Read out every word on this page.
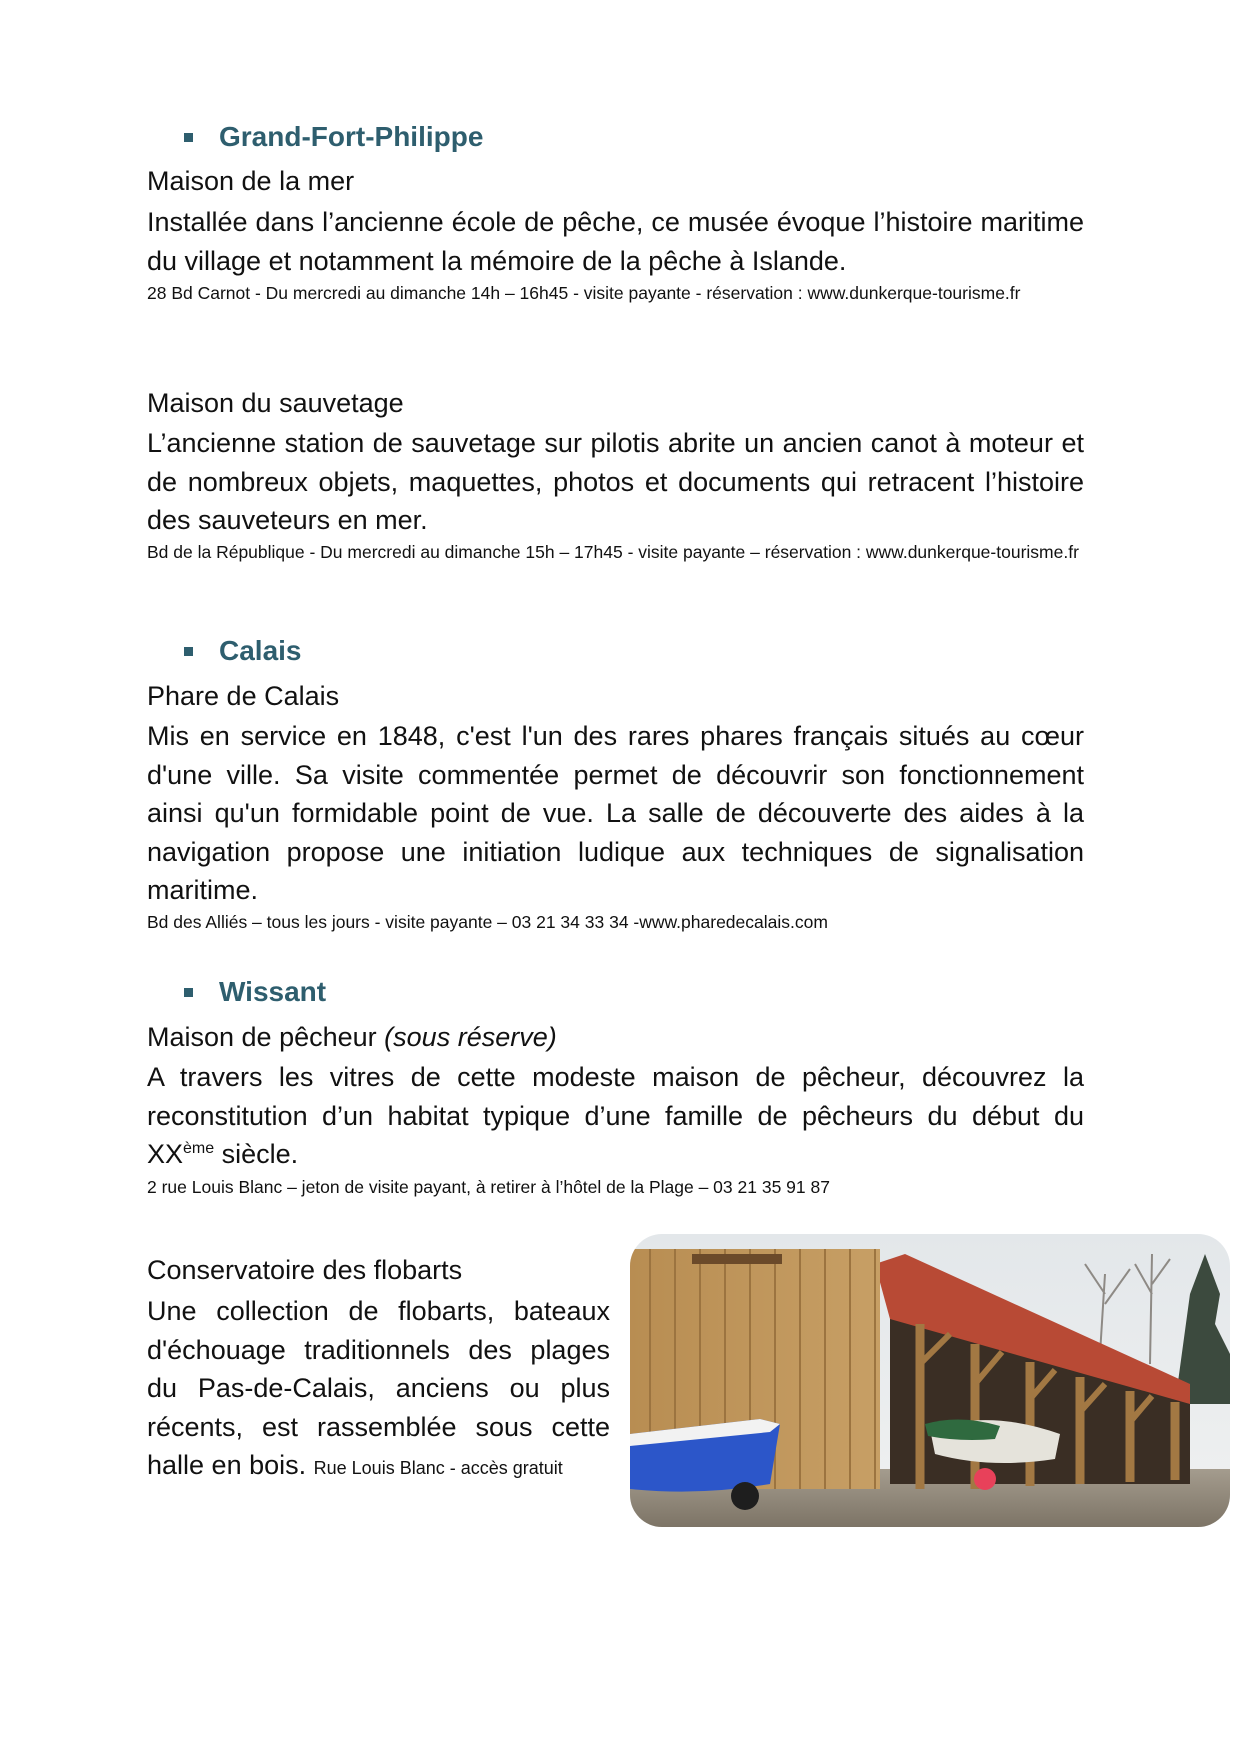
Grand-Fort-Philippe
Maison de la mer
Installée dans l’ancienne école de pêche, ce musée évoque l’histoire maritime du village et notamment la mémoire de la pêche à Islande.
28 Bd Carnot - Du mercredi au dimanche 14h – 16h45 - visite payante - réservation : www.dunkerque-tourisme.fr
Maison du sauvetage
L’ancienne station de sauvetage sur pilotis abrite un ancien canot à moteur et de nombreux objets, maquettes, photos et documents qui retracent l’histoire des sauveteurs en mer.
Bd de la République - Du mercredi au dimanche 15h – 17h45 - visite payante – réservation : www.dunkerque-tourisme.fr
Calais
Phare de Calais
Mis en service en 1848, c'est l'un des rares phares français situés au cœur d'une ville. Sa visite commentée permet de découvrir son fonctionnement ainsi qu'un formidable point de vue. La salle de découverte des aides à la navigation propose une initiation ludique aux techniques de signalisation maritime.
Bd des Alliés – tous les jours - visite payante – 03 21 34 33 34 -www.pharedecalais.com
Wissant
Maison de pêcheur (sous réserve)
A travers les vitres de cette modeste maison de pêcheur, découvrez la reconstitution d’un habitat typique d’une famille de pêcheurs du début du XXème siècle.
2 rue Louis Blanc – jeton de visite payant, à retirer à l’hôtel de la Plage – 03 21 35 91 87
Conservatoire des flobarts
Une collection de flobarts, bateaux d'échouage traditionnels des plages du Pas-de-Calais, anciens ou plus récents, est rassemblée sous cette halle en bois. Rue Louis Blanc - accès gratuit
